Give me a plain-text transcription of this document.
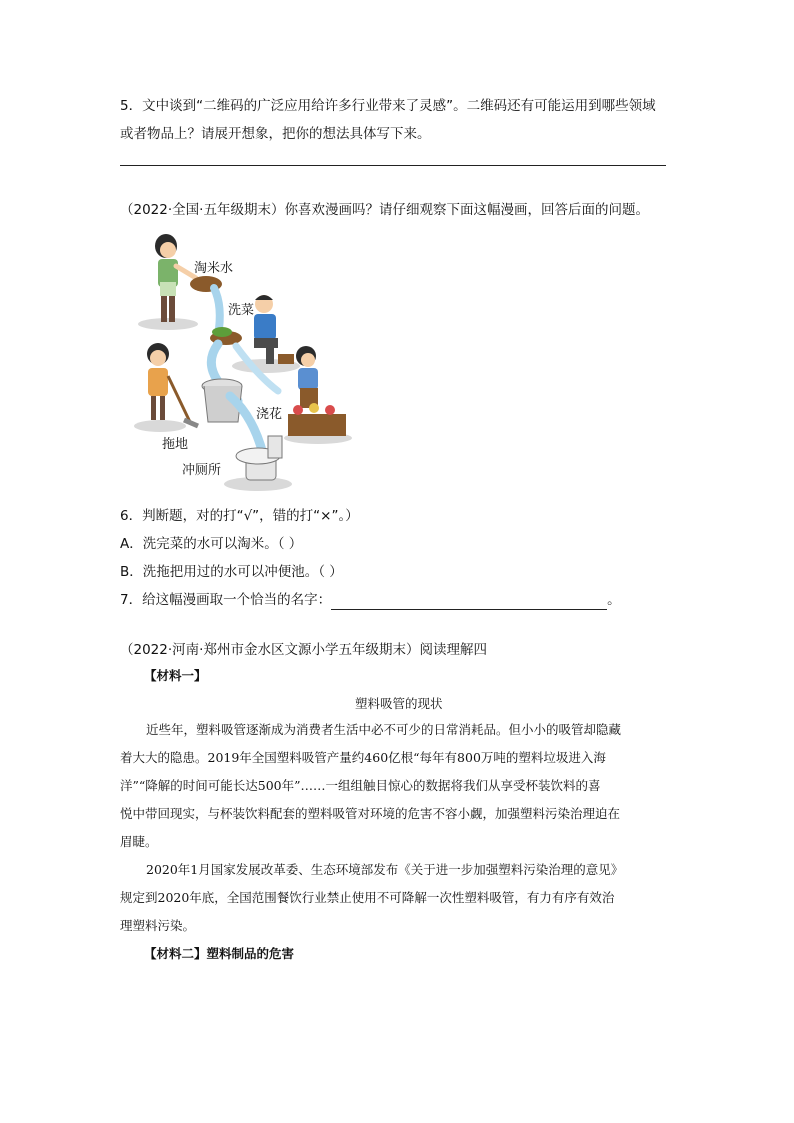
5．文中谈到“二维码的广泛应用给许多行业带来了灵感”。二维码还有可能运用到哪些领域
或者物品上？请展开想象，把你的想法具体写下来。
（2022·全国·五年级期末）你喜欢漫画吗？请仔细观察下面这幅漫画，回答后面的问题。
淘米水
洗菜
浇花
拖地
冲厕所
6．判断题，对的打“√”，错的打“×”。）
A．洗完菜的水可以淘米。（ ）
B．洗拖把用过的水可以冲便池。（ ）
7．给这幅漫画取一个恰当的名字：	。
（2022·河南·郑州市金水区文源小学五年级期末）阅读理解四
【材料一】
塑料吸管的现状
近些年，塑料吸管逐渐成为消费者生活中必不可少的日常消耗品。但小小的吸管却隐藏
着大大的隐患。2019年全国塑料吸管产量约460亿根“每年有800万吨的塑料垃圾进入海
洋”“降解的时间可能长达500年”……一组组触目惊心的数据将我们从享受杯装饮料的喜
悦中带回现实，与杯装饮料配套的塑料吸管对环境的危害不容小觑，加强塑料污染治理迫在
眉睫。
2020年1月国家发展改革委、生态环境部发布《关于进一步加强塑料污染治理的意见》
规定到2020年底，全国范围餐饮行业禁止使用不可降解一次性塑料吸管，有力有序有效治
理塑料污染。
【材料二】塑料制品的危害
